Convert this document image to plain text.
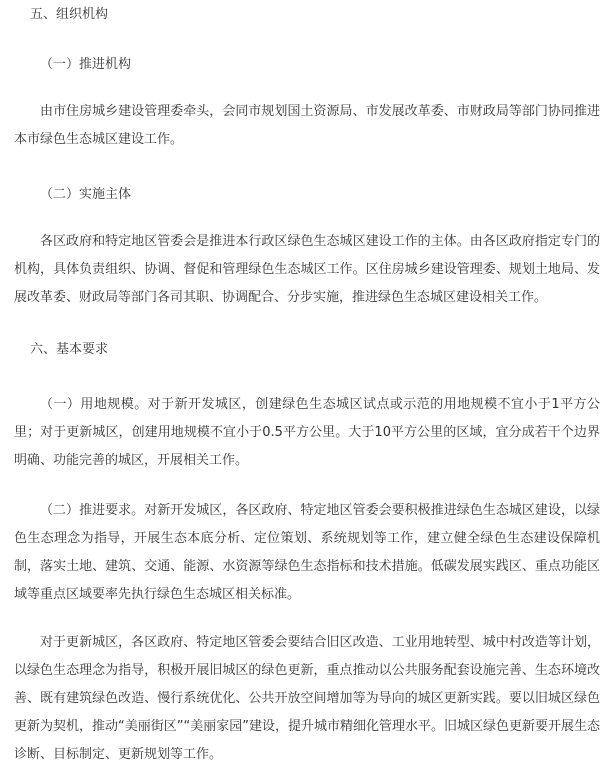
五、组织机构
（一）推进机构

由市住房城乡建设管理委牵头，会同市规划国土资源局、市发展改革委、市财政局等部门协同推进本市绿色生态城区建设工作。

（二）实施主体

各区政府和特定地区管委会是推进本行政区绿色生态城区建设工作的主体。由各区政府指定专门的机构，具体负责组织、协调、督促和管理绿色生态城区工作。区住房城乡建设管理委、规划土地局、发展改革委、财政局等部门各司其职、协调配合、分步实施，推进绿色生态城区建设相关工作。

六、基本要求

（一）用地规模。对于新开发城区，创建绿色生态城区试点或示范的用地规模不宜小于1平方公里；对于更新城区，创建用地规模不宜小于0.5平方公里。大于10平方公里的区域，宜分成若干个边界明确、功能完善的城区，开展相关工作。

（二）推进要求。对新开发城区，各区政府、特定地区管委会要积极推进绿色生态城区建设，以绿色生态理念为指导，开展生态本底分析、定位策划、系统规划等工作，建立健全绿色生态建设保障机制，落实土地、建筑、交通、能源、水资源等绿色生态指标和技术措施。低碳发展实践区、重点功能区域等重点区域要率先执行绿色生态城区相关标准。

对于更新城区，各区政府、特定地区管委会要结合旧区改造、工业用地转型、城中村改造等计划，以绿色生态理念为指导，积极开展旧城区的绿色更新，重点推动以公共服务配套设施完善、生态环境改善、既有建筑绿色改造、慢行系统优化、公共开放空间增加等为导向的城区更新实践。要以旧城区绿色更新为契机，推动“美丽街区”“美丽家园”建设，提升城市精细化管理水平。旧城区绿色更新要开展生态诊断、目标制定、更新规划等工作。
